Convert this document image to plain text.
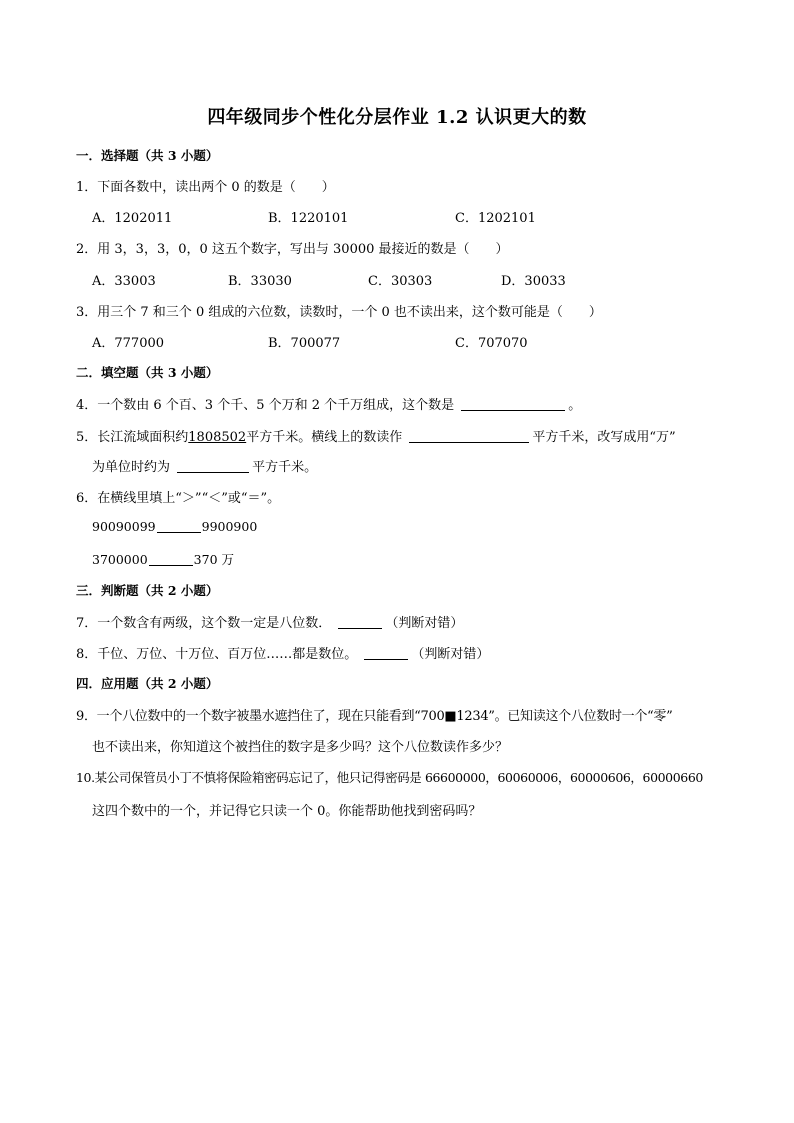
四年级同步个性化分层作业 1.2 认识更大的数
一．选择题（共 3 小题）
1．下面各数中，读出两个 0 的数是（　　）
A．1202011	B．1220101	C．1202101
2．用 3，3，3，0，0 这五个数字，写出与 30000 最接近的数是（　　）
A．33003	B．33030	C．30303	D．30033
3．用三个 7 和三个 0 组成的六位数，读数时，一个 0 也不读出来，这个数可能是（　　）
A．777000	B．700077	C．707070
二．填空题（共 3 小题）
4．一个数由 6 个百、3 个千、5 个万和 2 个千万组成，这个数是	。
5．长江流域面积约1808502平方千米。横线上的数读作	平方千米，改写成用“万”
为单位时约为	平方千米。
6．在横线里填上“＞”“＜”或“＝”。
90090099	9900900
3700000	370 万
三．判断题（共 2 小题）
7．一个数含有两级，这个数一定是八位数．	（判断对错）
8．千位、万位、十万位、百万位……都是数位。	（判断对错）
四．应用题（共 2 小题）
9．一个八位数中的一个数字被墨水遮挡住了，现在只能看到“700■1234”。已知读这个八位数时一个“零”
也不读出来，你知道这个被挡住的数字是多少吗？这个八位数读作多少？
10.某公司保管员小丁不慎将保险箱密码忘记了，他只记得密码是 66600000，60060006，60000606，60000660
这四个数中的一个，并记得它只读一个 0。你能帮助他找到密码吗？
